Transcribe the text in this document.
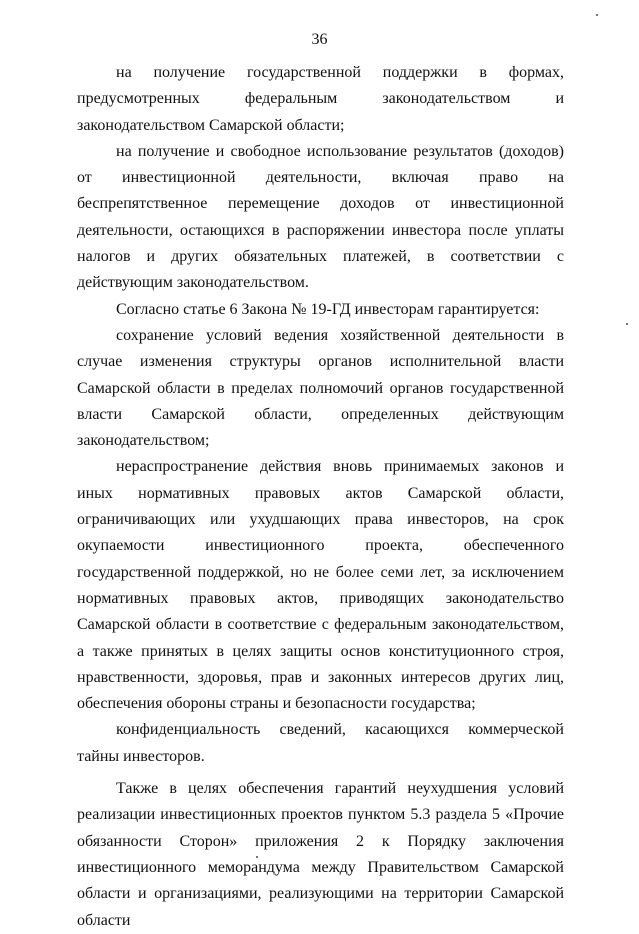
36

на получение государственной поддержки в формах, предусмотренных федеральным законодательством и законодательством Самарской области;

на получение и свободное использование результатов (доходов) от инвестиционной деятельности, включая право на беспрепятственное перемещение доходов от инвестиционной деятельности, остающихся в распоряжении инвестора после уплаты налогов и других обязательных платежей, в соответствии с действующим законодательством.

Согласно статье 6 Закона № 19-ГД инвесторам гарантируется:

сохранение условий ведения хозяйственной деятельности в случае изменения структуры органов исполнительной власти Самарской области в пределах полномочий органов государственной власти Самарской области, определенных действующим законодательством;

нераспространение действия вновь принимаемых законов и иных нормативных правовых актов Самарской области, ограничивающих или ухудшающих права инвесторов, на срок окупаемости инвестиционного проекта, обеспеченного государственной поддержкой, но не более семи лет, за исключением нормативных правовых актов, приводящих законодательство Самарской области в соответствие с федеральным законодательством, а также принятых в целях защиты основ конституционного строя, нравственности, здоровья, прав и законных интересов других лиц, обеспечения обороны страны и безопасности государства;

конфиденциальность сведений, касающихся коммерческой тайны инвесторов.

Также в целях обеспечения гарантий неухудшения условий реализации инвестиционных проектов пунктом 5.3 раздела 5 «Прочие обязанности Сторон» приложения 2 к Порядку заключения инвестиционного меморандума между Правительством Самарской области и организациями, реализующими на территории Самарской области
